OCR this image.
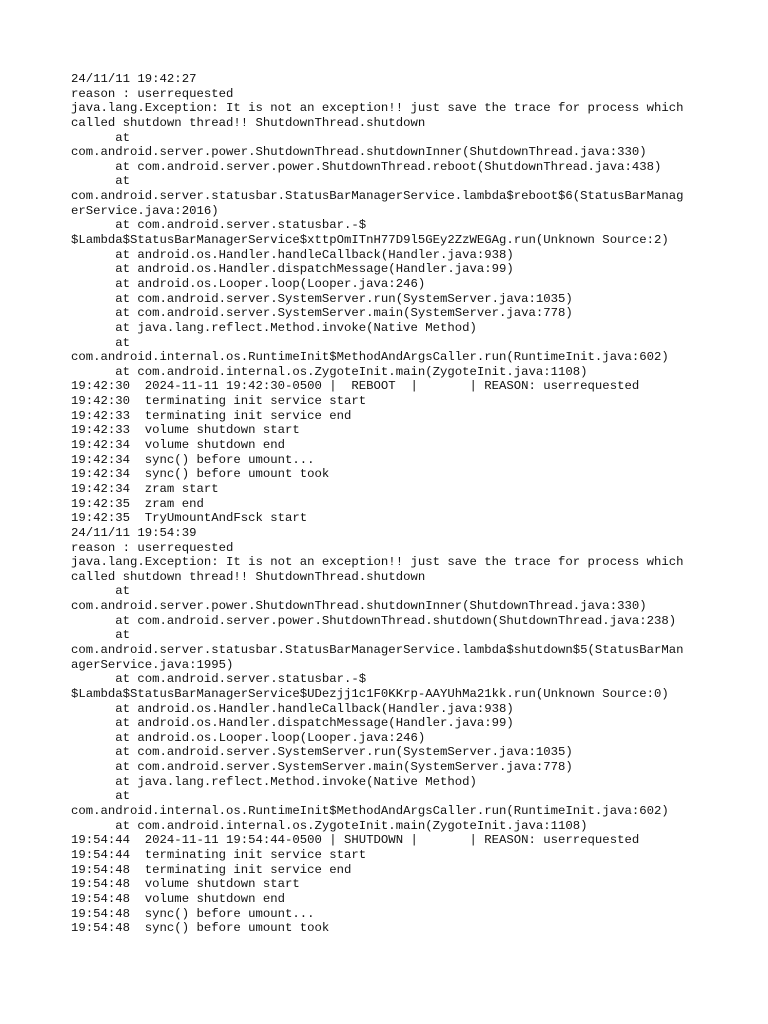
24/11/11 19:42:27
reason : userrequested
java.lang.Exception: It is not an exception!! just save the trace for process which
called shutdown thread!! ShutdownThread.shutdown
at
com.android.server.power.ShutdownThread.shutdownInner(ShutdownThread.java:330)
at com.android.server.power.ShutdownThread.reboot(ShutdownThread.java:438)
at
com.android.server.statusbar.StatusBarManagerService.lambda$reboot$6(StatusBarManag
erService.java:2016)
at com.android.server.statusbar.-$
$Lambda$StatusBarManagerService$xttpOmITnH77D9l5GEy2ZzWEGAg.run(Unknown Source:2)
at android.os.Handler.handleCallback(Handler.java:938)
at android.os.Handler.dispatchMessage(Handler.java:99)
at android.os.Looper.loop(Looper.java:246)
at com.android.server.SystemServer.run(SystemServer.java:1035)
at com.android.server.SystemServer.main(SystemServer.java:778)
at java.lang.reflect.Method.invoke(Native Method)
at
com.android.internal.os.RuntimeInit$MethodAndArgsCaller.run(RuntimeInit.java:602)
at com.android.internal.os.ZygoteInit.main(ZygoteInit.java:1108)
19:42:30  2024-11-11 19:42:30-0500 |  REBOOT  |       | REASON: userrequested
19:42:30  terminating init service start
19:42:33  terminating init service end
19:42:33  volume shutdown start
19:42:34  volume shutdown end
19:42:34  sync() before umount...
19:42:34  sync() before umount took
19:42:34  zram start
19:42:35  zram end
19:42:35  TryUmountAndFsck start
24/11/11 19:54:39
reason : userrequested
java.lang.Exception: It is not an exception!! just save the trace for process which
called shutdown thread!! ShutdownThread.shutdown
at
com.android.server.power.ShutdownThread.shutdownInner(ShutdownThread.java:330)
at com.android.server.power.ShutdownThread.shutdown(ShutdownThread.java:238)
at
com.android.server.statusbar.StatusBarManagerService.lambda$shutdown$5(StatusBarMan
agerService.java:1995)
at com.android.server.statusbar.-$
$Lambda$StatusBarManagerService$UDezjj1c1F0KKrp-AAYUhMa21kk.run(Unknown Source:0)
at android.os.Handler.handleCallback(Handler.java:938)
at android.os.Handler.dispatchMessage(Handler.java:99)
at android.os.Looper.loop(Looper.java:246)
at com.android.server.SystemServer.run(SystemServer.java:1035)
at com.android.server.SystemServer.main(SystemServer.java:778)
at java.lang.reflect.Method.invoke(Native Method)
at
com.android.internal.os.RuntimeInit$MethodAndArgsCaller.run(RuntimeInit.java:602)
at com.android.internal.os.ZygoteInit.main(ZygoteInit.java:1108)
19:54:44  2024-11-11 19:54:44-0500 | SHUTDOWN |       | REASON: userrequested
19:54:44  terminating init service start
19:54:48  terminating init service end
19:54:48  volume shutdown start
19:54:48  volume shutdown end
19:54:48  sync() before umount...
19:54:48  sync() before umount took
